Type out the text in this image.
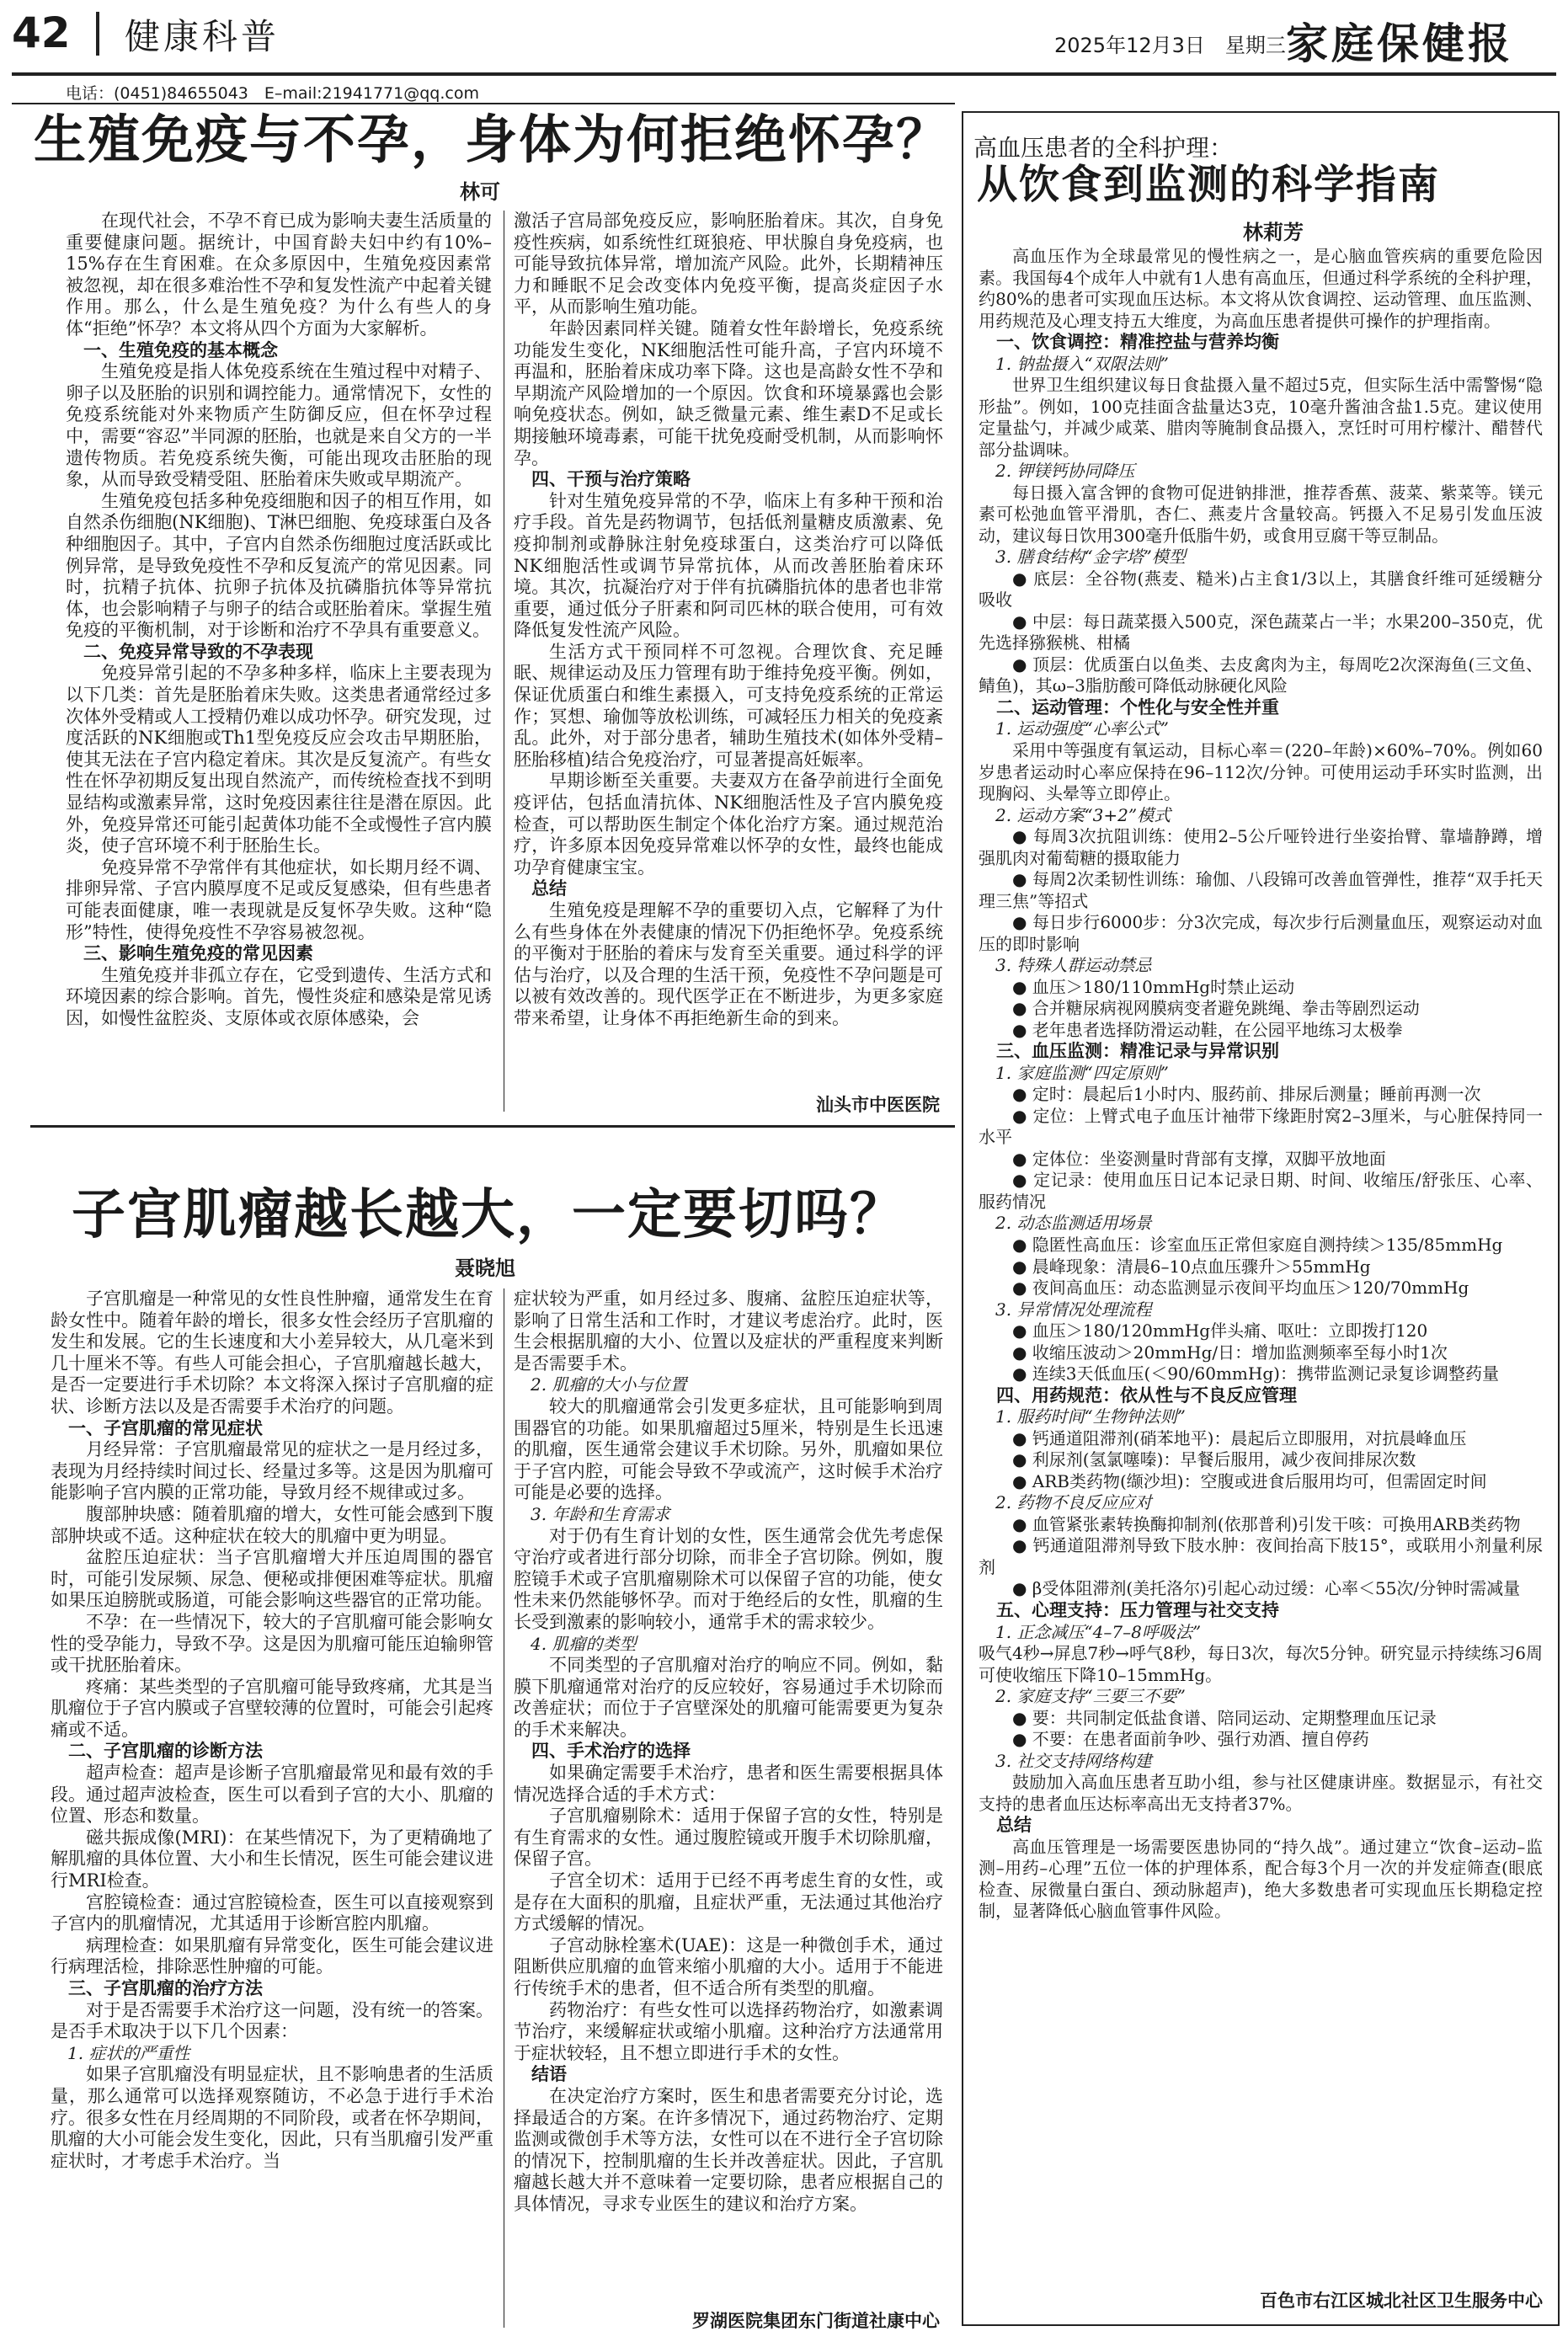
42 健康科普	2025年12月3日　星期三 家庭保健报
电话：(0451)84655043　E–mail:21941771@qq.com
生殖免疫与不孕，身体为何拒绝怀孕？
林可

在现代社会，不孕不育已成为影响夫妻生活质量的重要健康问题。据统计，中国育龄夫妇中约有10%–15%存在生育困难。在众多原因中，生殖免疫因素常被忽视，却在很多难治性不孕和复发性流产中起着关键作用。那么，什么是生殖免疫？为什么有些人的身体“拒绝”怀孕？本文将从四个方面为大家解析。

一、生殖免疫的基本概念

生殖免疫是指人体免疫系统在生殖过程中对精子、卵子以及胚胎的识别和调控能力。通常情况下，女性的免疫系统能对外来物质产生防御反应，但在怀孕过程中，需要“容忍”半同源的胚胎，也就是来自父方的一半遗传物质。若免疫系统失衡，可能出现攻击胚胎的现象，从而导致受精受阻、胚胎着床失败或早期流产。

生殖免疫包括多种免疫细胞和因子的相互作用，如自然杀伤细胞(NK细胞)、T淋巴细胞、免疫球蛋白及各种细胞因子。其中，子宫内自然杀伤细胞过度活跃或比例异常，是导致免疫性不孕和反复流产的常见因素。同时，抗精子抗体、抗卵子抗体及抗磷脂抗体等异常抗体，也会影响精子与卵子的结合或胚胎着床。掌握生殖免疫的平衡机制，对于诊断和治疗不孕具有重要意义。

二、免疫异常导致的不孕表现

免疫异常引起的不孕多种多样，临床上主要表现为以下几类：首先是胚胎着床失败。这类患者通常经过多次体外受精或人工授精仍难以成功怀孕。研究发现，过度活跃的NK细胞或Th1型免疫反应会攻击早期胚胎，使其无法在子宫内稳定着床。其次是反复流产。有些女性在怀孕初期反复出现自然流产，而传统检查找不到明显结构或激素异常，这时免疫因素往往是潜在原因。此外，免疫异常还可能引起黄体功能不全或慢性子宫内膜炎，使子宫环境不利于胚胎生长。

免疫异常不孕常伴有其他症状，如长期月经不调、排卵异常、子宫内膜厚度不足或反复感染，但有些患者可能表面健康，唯一表现就是反复怀孕失败。这种“隐形”特性，使得免疫性不孕容易被忽视。

三、影响生殖免疫的常见因素

生殖免疫并非孤立存在，它受到遗传、生活方式和环境因素的综合影响。首先，慢性炎症和感染是常见诱因，如慢性盆腔炎、支原体或衣原体感染，会

激活子宫局部免疫反应，影响胚胎着床。其次，自身免疫性疾病，如系统性红斑狼疮、甲状腺自身免疫病，也可能导致抗体异常，增加流产风险。此外，长期精神压力和睡眠不足会改变体内免疫平衡，提高炎症因子水平，从而影响生殖功能。

年龄因素同样关键。随着女性年龄增长，免疫系统功能发生变化，NK细胞活性可能升高，子宫内环境不再温和，胚胎着床成功率下降。这也是高龄女性不孕和早期流产风险增加的一个原因。饮食和环境暴露也会影响免疫状态。例如，缺乏微量元素、维生素D不足或长期接触环境毒素，可能干扰免疫耐受机制，从而影响怀孕。

四、干预与治疗策略

针对生殖免疫异常的不孕，临床上有多种干预和治疗手段。首先是药物调节，包括低剂量糖皮质激素、免疫抑制剂或静脉注射免疫球蛋白，这类治疗可以降低NK细胞活性或调节异常抗体，从而改善胚胎着床环境。其次，抗凝治疗对于伴有抗磷脂抗体的患者也非常重要，通过低分子肝素和阿司匹林的联合使用，可有效降低复发性流产风险。

生活方式干预同样不可忽视。合理饮食、充足睡眠、规律运动及压力管理有助于维持免疫平衡。例如，保证优质蛋白和维生素摄入，可支持免疫系统的正常运作；冥想、瑜伽等放松训练，可减轻压力相关的免疫紊乱。此外，对于部分患者，辅助生殖技术(如体外受精–胚胎移植)结合免疫治疗，可显著提高妊娠率。

早期诊断至关重要。夫妻双方在备孕前进行全面免疫评估，包括血清抗体、NK细胞活性及子宫内膜免疫检查，可以帮助医生制定个体化治疗方案。通过规范治疗，许多原本因免疫异常难以怀孕的女性，最终也能成功孕育健康宝宝。

总结

生殖免疫是理解不孕的重要切入点，它解释了为什么有些身体在外表健康的情况下仍拒绝怀孕。免疫系统的平衡对于胚胎的着床与发育至关重要。通过科学的评估与治疗，以及合理的生活干预，免疫性不孕问题是可以被有效改善的。现代医学正在不断进步，为更多家庭带来希望，让身体不再拒绝新生命的到来。

汕头市中医医院
子宫肌瘤越长越大，一定要切吗？
聂晓旭

子宫肌瘤是一种常见的女性良性肿瘤，通常发生在育龄女性中。随着年龄的增长，很多女性会经历子宫肌瘤的发生和发展。它的生长速度和大小差异较大，从几毫米到几十厘米不等。有些人可能会担心，子宫肌瘤越长越大，是否一定要进行手术切除？本文将深入探讨子宫肌瘤的症状、诊断方法以及是否需要手术治疗的问题。

一、子宫肌瘤的常见症状

月经异常：子宫肌瘤最常见的症状之一是月经过多，表现为月经持续时间过长、经量过多等。这是因为肌瘤可能影响子宫内膜的正常功能，导致月经不规律或过多。

腹部肿块感：随着肌瘤的增大，女性可能会感到下腹部肿块或不适。这种症状在较大的肌瘤中更为明显。

盆腔压迫症状：当子宫肌瘤增大并压迫周围的器官时，可能引发尿频、尿急、便秘或排便困难等症状。肌瘤如果压迫膀胱或肠道，可能会影响这些器官的正常功能。

不孕：在一些情况下，较大的子宫肌瘤可能会影响女性的受孕能力，导致不孕。这是因为肌瘤可能压迫输卵管或干扰胚胎着床。

疼痛：某些类型的子宫肌瘤可能导致疼痛，尤其是当肌瘤位于子宫内膜或子宫壁较薄的位置时，可能会引起疼痛或不适。

二、子宫肌瘤的诊断方法

超声检查：超声是诊断子宫肌瘤最常见和最有效的手段。通过超声波检查，医生可以看到子宫的大小、肌瘤的位置、形态和数量。

磁共振成像(MRI)：在某些情况下，为了更精确地了解肌瘤的具体位置、大小和生长情况，医生可能会建议进行MRI检查。

宫腔镜检查：通过宫腔镜检查，医生可以直接观察到子宫内的肌瘤情况，尤其适用于诊断宫腔内肌瘤。

病理检查：如果肌瘤有异常变化，医生可能会建议进行病理活检，排除恶性肿瘤的可能。

三、子宫肌瘤的治疗方法

对于是否需要手术治疗这一问题，没有统一的答案。是否手术取决于以下几个因素：

1. 症状的严重性

如果子宫肌瘤没有明显症状，且不影响患者的生活质量，那么通常可以选择观察随访，不必急于进行手术治疗。很多女性在月经周期的不同阶段，或者在怀孕期间，肌瘤的大小可能会发生变化，因此，只有当肌瘤引发严重症状时，才考虑手术治疗。当

症状较为严重，如月经过多、腹痛、盆腔压迫症状等，影响了日常生活和工作时，才建议考虑治疗。此时，医生会根据肌瘤的大小、位置以及症状的严重程度来判断是否需要手术。

2. 肌瘤的大小与位置

较大的肌瘤通常会引发更多症状，且可能影响到周围器官的功能。如果肌瘤超过5厘米，特别是生长迅速的肌瘤，医生通常会建议手术切除。另外，肌瘤如果位于子宫内腔，可能会导致不孕或流产，这时候手术治疗可能是必要的选择。

3. 年龄和生育需求

对于仍有生育计划的女性，医生通常会优先考虑保守治疗或者进行部分切除，而非全子宫切除。例如，腹腔镜手术或子宫肌瘤剔除术可以保留子宫的功能，使女性未来仍然能够怀孕。而对于绝经后的女性，肌瘤的生长受到激素的影响较小，通常手术的需求较少。

4. 肌瘤的类型

不同类型的子宫肌瘤对治疗的响应不同。例如，黏膜下肌瘤通常对治疗的反应较好，容易通过手术切除而改善症状；而位于子宫壁深处的肌瘤可能需要更为复杂的手术来解决。

四、手术治疗的选择

如果确定需要手术治疗，患者和医生需要根据具体情况选择合适的手术方式：

子宫肌瘤剔除术：适用于保留子宫的女性，特别是有生育需求的女性。通过腹腔镜或开腹手术切除肌瘤，保留子宫。

子宫全切术：适用于已经不再考虑生育的女性，或是存在大面积的肌瘤，且症状严重，无法通过其他治疗方式缓解的情况。

子宫动脉栓塞术(UAE)：这是一种微创手术，通过阻断供应肌瘤的血管来缩小肌瘤的大小。适用于不能进行传统手术的患者，但不适合所有类型的肌瘤。

药物治疗：有些女性可以选择药物治疗，如激素调节治疗，来缓解症状或缩小肌瘤。这种治疗方法通常用于症状较轻，且不想立即进行手术的女性。

结语

在决定治疗方案时，医生和患者需要充分讨论，选择最适合的方案。在许多情况下，通过药物治疗、定期监测或微创手术等方法，女性可以在不进行全子宫切除的情况下，控制肌瘤的生长并改善症状。因此，子宫肌瘤越长越大并不意味着一定要切除，患者应根据自己的具体情况，寻求专业医生的建议和治疗方案。

罗湖医院集团东门街道社康中心
高血压患者的全科护理：
从饮食到监测的科学指南
林莉芳

高血压作为全球最常见的慢性病之一，是心脑血管疾病的重要危险因素。我国每4个成年人中就有1人患有高血压，但通过科学系统的全科护理，约80%的患者可实现血压达标。本文将从饮食调控、运动管理、血压监测、用药规范及心理支持五大维度，为高血压患者提供可操作的护理指南。

一、饮食调控：精准控盐与营养均衡
1. 钠盐摄入“双限法则”

世界卫生组织建议每日食盐摄入量不超过5克，但实际生活中需警惕“隐形盐”。例如，100克挂面含盐量达3克，10毫升酱油含盐1.5克。建议使用定量盐勺，并减少咸菜、腊肉等腌制食品摄入，烹饪时可用柠檬汁、醋替代部分盐调味。

2. 钾镁钙协同降压

每日摄入富含钾的食物可促进钠排泄，推荐香蕉、菠菜、紫菜等。镁元素可松弛血管平滑肌，杏仁、燕麦片含量较高。钙摄入不足易引发血压波动，建议每日饮用300毫升低脂牛奶，或食用豆腐干等豆制品。

3. 膳食结构“金字塔”模型

● 底层：全谷物(燕麦、糙米)占主食1/3以上，其膳食纤维可延缓糖分吸收

● 中层：每日蔬菜摄入500克，深色蔬菜占一半；水果200–350克，优先选择猕猴桃、柑橘

● 顶层：优质蛋白以鱼类、去皮禽肉为主，每周吃2次深海鱼(三文鱼、鲭鱼)，其ω–3脂肪酸可降低动脉硬化风险

二、运动管理：个性化与安全性并重
1. 运动强度“心率公式”

采用中等强度有氧运动，目标心率＝(220–年龄)×60%–70%。例如60岁患者运动时心率应保持在96–112次/分钟。可使用运动手环实时监测，出现胸闷、头晕等立即停止。

2. 运动方案“3+2”模式

● 每周3次抗阻训练：使用2–5公斤哑铃进行坐姿抬臂、靠墙静蹲，增强肌肉对葡萄糖的摄取能力

● 每周2次柔韧性训练：瑜伽、八段锦可改善血管弹性，推荐“双手托天理三焦”等招式

● 每日步行6000步：分3次完成，每次步行后测量血压，观察运动对血压的即时影响

3. 特殊人群运动禁忌

● 血压＞180/110mmHg时禁止运动

● 合并糖尿病视网膜病变者避免跳绳、拳击等剧烈运动

● 老年患者选择防滑运动鞋，在公园平地练习太极拳

三、血压监测：精准记录与异常识别
1. 家庭监测“四定原则”

● 定时：晨起后1小时内、服药前、排尿后测量；睡前再测一次

● 定位：上臂式电子血压计袖带下缘距肘窝2–3厘米，与心脏保持同一水平

● 定体位：坐姿测量时背部有支撑，双脚平放地面

● 定记录：使用血压日记本记录日期、时间、收缩压/舒张压、心率、服药情况

2. 动态监测适用场景

● 隐匿性高血压：诊室血压正常但家庭自测持续＞135/85mmHg

● 晨峰现象：清晨6–10点血压骤升＞55mmHg

● 夜间高血压：动态监测显示夜间平均血压＞120/70mmHg

3. 异常情况处理流程

● 血压＞180/120mmHg伴头痛、呕吐：立即拨打120

● 收缩压波动＞20mmHg/日：增加监测频率至每小时1次

● 连续3天低血压(＜90/60mmHg)：携带监测记录复诊调整药量

四、用药规范：依从性与不良反应管理
1. 服药时间“生物钟法则”

● 钙通道阻滞剂(硝苯地平)：晨起后立即服用，对抗晨峰血压

● 利尿剂(氢氯噻嗪)：早餐后服用，减少夜间排尿次数

● ARB类药物(缬沙坦)：空腹或进食后服用均可，但需固定时间

2. 药物不良反应应对

● 血管紧张素转换酶抑制剂(依那普利)引发干咳：可换用ARB类药物

● 钙通道阻滞剂导致下肢水肿：夜间抬高下肢15°，或联用小剂量利尿剂

● β受体阻滞剂(美托洛尔)引起心动过缓：心率＜55次/分钟时需减量

五、心理支持：压力管理与社交支持
1. 正念减压“4–7–8呼吸法”

吸气4秒→屏息7秒→呼气8秒，每日3次，每次5分钟。研究显示持续练习6周可使收缩压下降10–15mmHg。

2. 家庭支持“三要三不要”

● 要：共同制定低盐食谱、陪同运动、定期整理血压记录

● 不要：在患者面前争吵、强行劝酒、擅自停药

3. 社交支持网络构建

鼓励加入高血压患者互助小组，参与社区健康讲座。数据显示，有社交支持的患者血压达标率高出无支持者37%。

总结

高血压管理是一场需要医患协同的“持久战”。通过建立“饮食–运动–监测–用药–心理”五位一体的护理体系，配合每3个月一次的并发症筛查(眼底检查、尿微量白蛋白、颈动脉超声)，绝大多数患者可实现血压长期稳定控制，显著降低心脑血管事件风险。

百色市右江区城北社区卫生服务中心
